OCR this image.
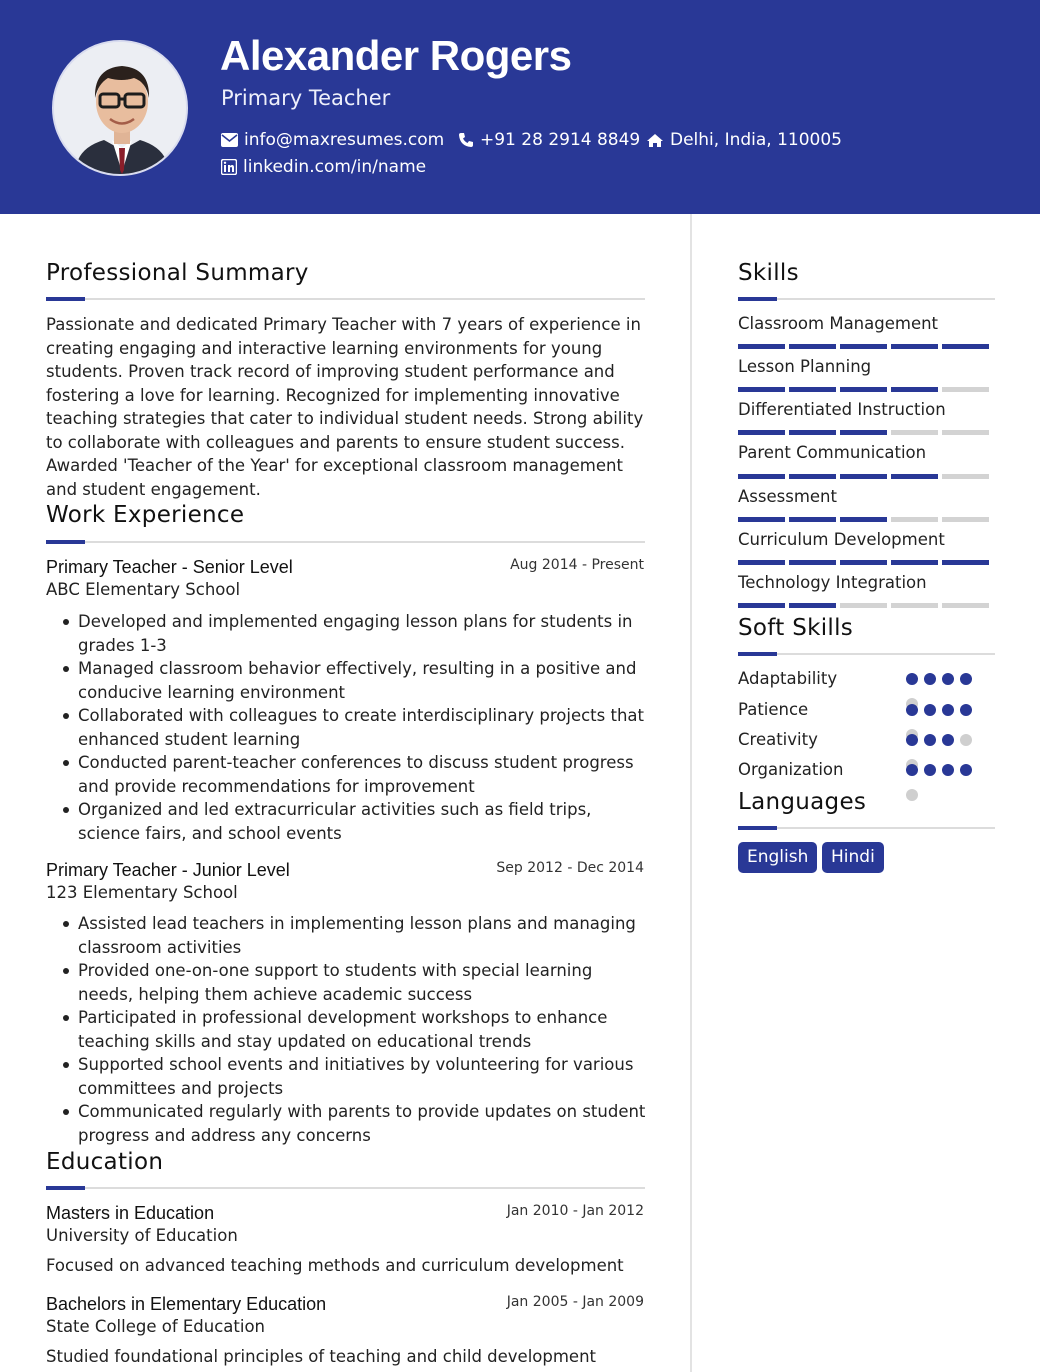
Alexander Rogers
Primary Teacher
info@maxresumes.com +91 28 2914 8849 Delhi, India, 110005
linkedin.com/in/name
Professional Summary
Passionate and dedicated Primary Teacher with 7 years of experience in creating engaging and interactive learning environments for young students. Proven track record of improving student performance and fostering a love for learning. Recognized for implementing innovative teaching strategies that cater to individual student needs. Strong ability to collaborate with colleagues and parents to ensure student success. Awarded 'Teacher of the Year' for exceptional classroom management and student engagement.
Work Experience
Primary Teacher - Senior Level	Aug 2014 - Present
ABC Elementary School
Developed and implemented engaging lesson plans for students in grades 1-3
Managed classroom behavior effectively, resulting in a positive and conducive learning environment
Collaborated with colleagues to create interdisciplinary projects that enhanced student learning
Conducted parent-teacher conferences to discuss student progress and provide recommendations for improvement
Organized and led extracurricular activities such as field trips, science fairs, and school events
Primary Teacher - Junior Level	Sep 2012 - Dec 2014
123 Elementary School
Assisted lead teachers in implementing lesson plans and managing classroom activities
Provided one-on-one support to students with special learning needs, helping them achieve academic success
Participated in professional development workshops to enhance teaching skills and stay updated on educational trends
Supported school events and initiatives by volunteering for various committees and projects
Communicated regularly with parents to provide updates on student progress and address any concerns
Education
Masters in Education	Jan 2010 - Jan 2012
University of Education
Focused on advanced teaching methods and curriculum development
Bachelors in Elementary Education	Jan 2005 - Jan 2009
State College of Education
Studied foundational principles of teaching and child development
Skills
Classroom Management
Lesson Planning
Differentiated Instruction
Parent Communication
Assessment
Curriculum Development
Technology Integration
Soft Skills
Adaptability
Patience
Creativity
Organization
Languages
English	Hindi
